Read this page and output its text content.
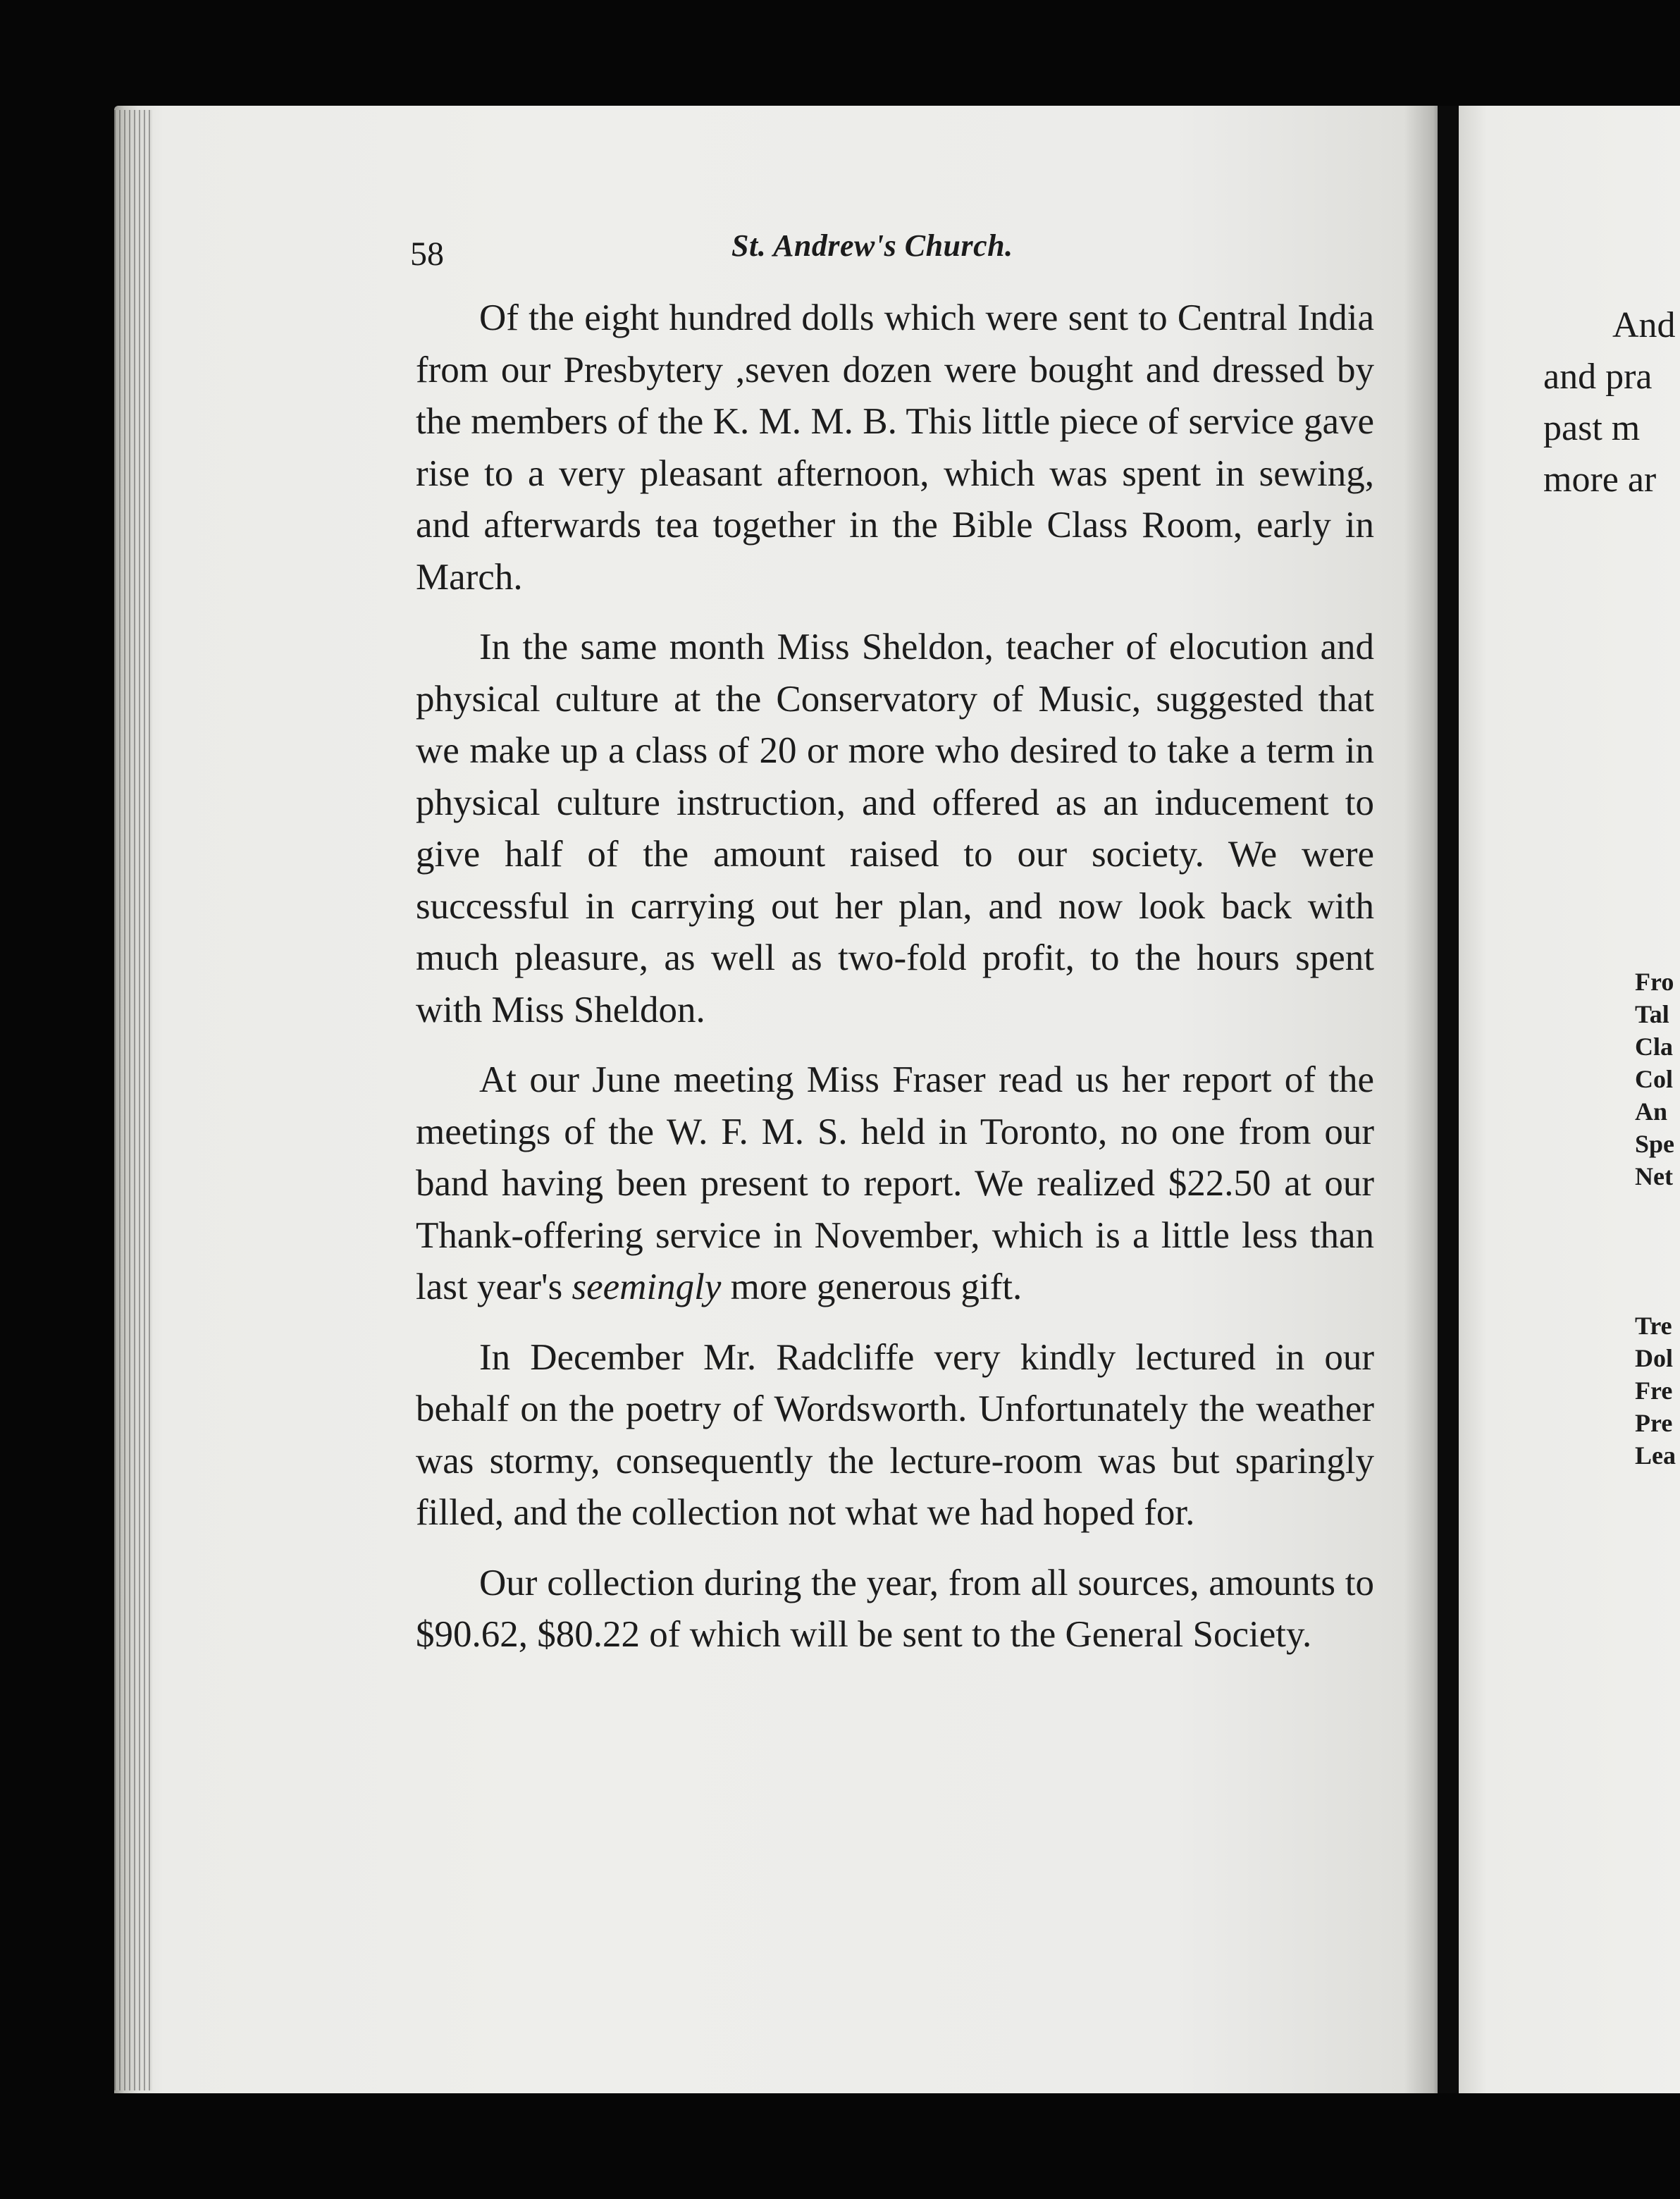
58	St. Andrew's Church.

Of the eight hundred dolls which were sent to Central India from our Presbytery ,seven dozen were bought and dressed by the members of the K. M. M. B. This little piece of service gave rise to a very pleasant afternoon, which was spent in sewing, and afterwards tea together in the Bible Class Room, early in March.

In the same month Miss Sheldon, teacher of elocution and physical culture at the Conservatory of Music, suggested that we make up a class of 20 or more who desired to take a term in physical culture instruction, and offered as an inducement to give half of the amount raised to our society. We were successful in carrying out her plan, and now look back with much pleasure, as well as two-fold profit, to the hours spent with Miss Sheldon.

At our June meeting Miss Fraser read us her report of the meetings of the W. F. M. S. held in Toronto, no one from our band having been present to report. We realized $22.50 at our Thank-offering service in November, which is a little less than last year's seemingly more generous gift.

In December Mr. Radcliffe very kindly lectured in our behalf on the poetry of Wordsworth. Unfortunately the weather was stormy, consequently the lecture-room was but sparingly filled, and the collection not what we had hoped for.

Our collection during the year, from all sources, amounts to $90.62, $80.22 of which will be sent to the General Society.

And
and pra
past m
more ar
Fro
Tal
Cla
Col
An
Spe
Net
Tre
Dol
Fre
Pre
Lea
